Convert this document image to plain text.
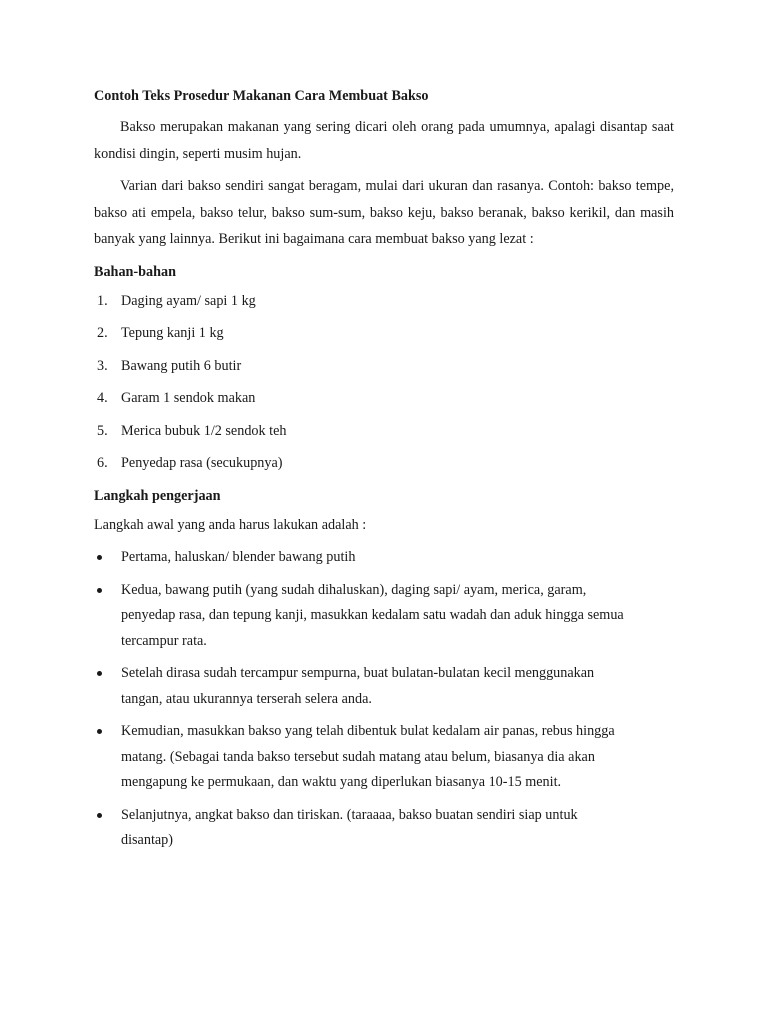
Contoh Teks Prosedur Makanan Cara Membuat Bakso

Bakso merupakan makanan yang sering dicari oleh orang pada umumnya, apalagi disantap saat kondisi dingin, seperti musim hujan.

Varian dari bakso sendiri sangat beragam, mulai dari ukuran dan rasanya. Contoh: bakso tempe, bakso ati empela, bakso telur, bakso sum-sum, bakso keju, bakso beranak, bakso kerikil, dan masih banyak yang lainnya. Berikut ini bagaimana cara membuat bakso yang lezat :

Bahan-bahan

1. Daging ayam/ sapi 1 kg
2. Tepung kanji 1 kg
3. Bawang putih 6 butir
4. Garam 1 sendok makan
5. Merica bubuk 1/2 sendok teh
6. Penyedap rasa (secukupnya)

Langkah pengerjaan

Langkah awal yang anda harus lakukan adalah :

Pertama, haluskan/ blender bawang putih
Kedua, bawang putih (yang sudah dihaluskan), daging sapi/ ayam, merica, garam,
penyedap rasa, dan tepung kanji, masukkan kedalam satu wadah dan aduk hingga semua
tercampur rata.
Setelah dirasa sudah tercampur sempurna, buat bulatan-bulatan kecil menggunakan
tangan, atau ukurannya terserah selera anda.
Kemudian, masukkan bakso yang telah dibentuk bulat kedalam air panas, rebus hingga
matang. (Sebagai tanda bakso tersebut sudah matang atau belum, biasanya dia akan
mengapung ke permukaan, dan waktu yang diperlukan biasanya 10-15 menit.
Selanjutnya, angkat bakso dan tiriskan. (taraaaa, bakso buatan sendiri siap untuk
disantap)
